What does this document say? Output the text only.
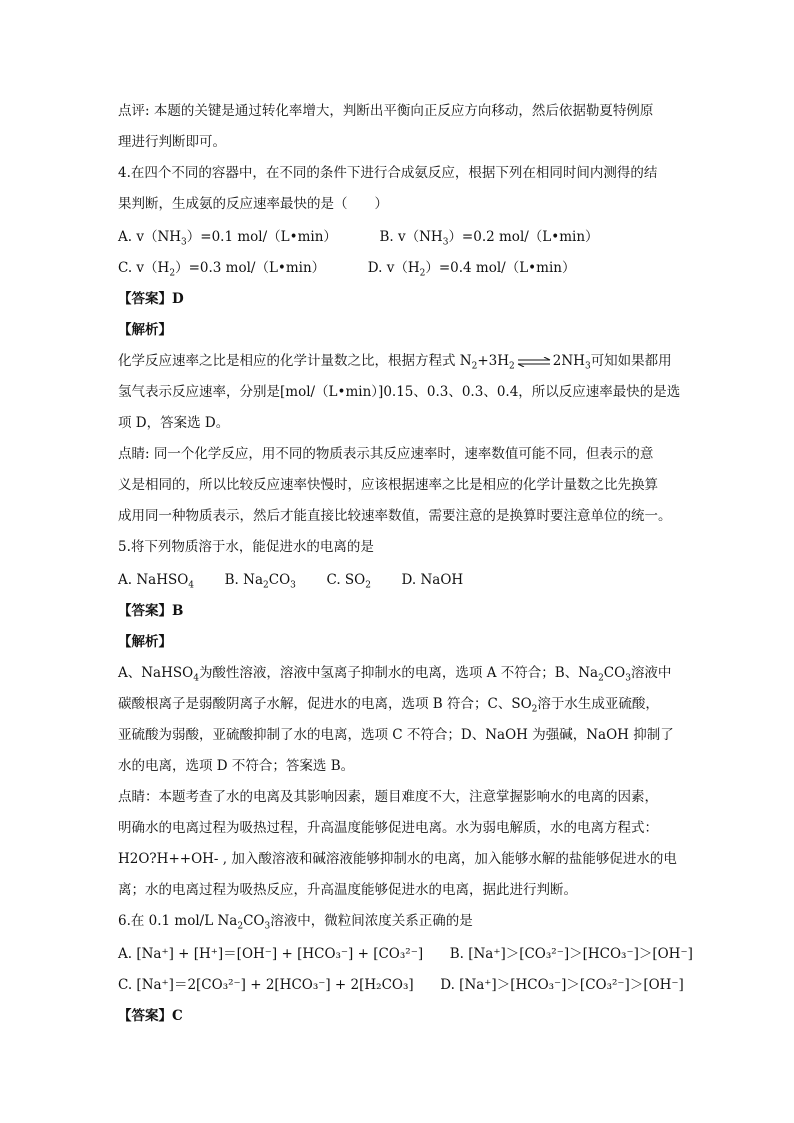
点评: 本题的关键是通过转化率增大，判断出平衡向正反应方向移动，然后依据勒夏特例原
理进行判断即可。
4.在四个不同的容器中，在不同的条件下进行合成氨反应，根据下列在相同时间内测得的结
果判断，生成氨的反应速率最快的是（　　）
A. $v(NH_3)=0.1$ mol/（L•min）	B. $v(NH_3)=0.2$ mol/（L•min）
C. $v(H_2)=0.3$ mol/（L•min）	D. $v(H_2)=0.4$ mol/（L•min）
【答案】D
【解析】
化学反应速率之比是相应的化学计量数之比，根据方程式 $N_2+3H_2$ ⇌ $2NH_3$可知如果都用
氢气表示反应速率，分别是[mol/（L•min）]0.15、0.3、0.3、0.4，所以反应速率最快的是选
项 D，答案选 D。
点睛: 同一个化学反应，用不同的物质表示其反应速率时，速率数值可能不同，但表示的意
义是相同的，所以比较反应速率快慢时，应该根据速率之比是相应的化学计量数之比先换算
成用同一种物质表示，然后才能直接比较速率数值，需要注意的是换算时要注意单位的统一。
5.将下列物质溶于水，能促进水的电离的是
A. NaHSO$_4$ B. $Na_2CO_3$ C. $SO_2$ D. NaOH
【答案】B
【解析】
A、NaHSO$_4$为酸性溶液，溶液中氢离子抑制水的电离，选项 A 不符合；B、$Na_2CO_3$溶液中
碳酸根离子是弱酸阴离子水解，促进水的电离，选项 B 符合；C、$SO_2$溶于水生成亚硫酸，
亚硫酸为弱酸，亚硫酸抑制了水的电离，选项 C 不符合；D、NaOH 为强碱，NaOH 抑制了
水的电离，选项 D 不符合；答案选 B。
点睛：本题考查了水的电离及其影响因素，题目难度不大，注意掌握影响水的电离的因素，
明确水的电离过程为吸热过程，升高温度能够促进电离。水为弱电解质，水的电离方程式：
H2O?H++OH- , 加入酸溶液和碱溶液能够抑制水的电离，加入能够水解的盐能够促进水的电
离；水的电离过程为吸热反应，升高温度能够促进水的电离，据此进行判断。
6.在 0.1 mol/L $Na_2CO_3$溶液中，微粒间浓度关系正确的是
A. [Na⁺] + [H⁺]＝[OH⁻] + [HCO₃⁻] + [CO₃²⁻] B. [Na⁺]＞[CO₃²⁻]＞[HCO₃⁻]＞[OH⁻]
C. [Na⁺]＝2[CO₃²⁻] + 2[HCO₃⁻] + 2[H₂CO₃] D. [Na⁺]＞[HCO₃⁻]＞[CO₃²⁻]＞[OH⁻]
【答案】C
